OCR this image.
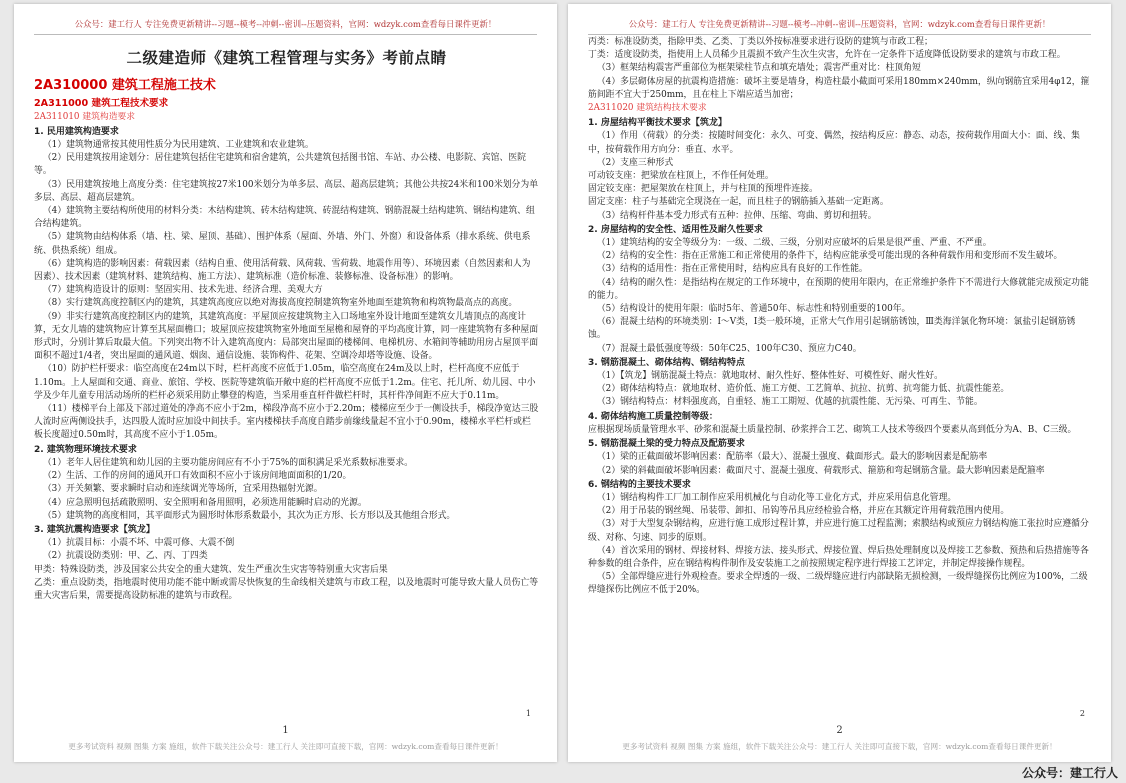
公众号：建工行人 专注免费更新精讲--习题--模考--冲刺--密训--压题资料，官网：wdzyk.com查看每日课件更新！
二级建造师《建筑工程管理与实务》考前点睛
2A310000 建筑工程施工技术
2A311000 建筑工程技术要求
2A311010 建筑构造要求
1. 民用建筑构造要求

（1）建筑物通常按其使用性质分为民用建筑、工业建筑和农业建筑。

（2）民用建筑按用途划分：居住建筑包括住宅建筑和宿舍建筑，公共建筑包括图书馆、车站、办公楼、电影院、宾馆、医院等。

（3）民用建筑按地上高度分类：住宅建筑按27米100米划分为单多层、高层、超高层建筑；其他公共按24米和100米划分为单多层、高层、超高层建筑。

（4）建筑物主要结构所使用的材料分类：木结构建筑、砖木结构建筑、砖混结构建筑、钢筋混凝土结构建筑、钢结构建筑、组合结构建筑。

（5）建筑物由结构体系（墙、柱、梁、屋顶、基础）、围护体系（屋面、外墙、外门、外窗）和设备体系（排水系统、供电系统、供热系统）组成。

（6）建筑构造的影响因素：荷载因素（结构自重、使用活荷载、风荷载、雪荷载、地震作用等）、环境因素（自然因素和人为因素）、技术因素（建筑材料、建筑结构、施工方法）、建筑标准（造价标准、装修标准、设备标准）的影响。

（7）建筑构造设计的原则：坚固实用、技术先进、经济合理、美观大方

（8）实行建筑高度控制区内的建筑，其建筑高度应以绝对海拔高度控制建筑物室外地面至建筑物和构筑物最高点的高度。

（9）非实行建筑高度控制区内的建筑，其建筑高度：平屋顶应按建筑物主入口场地室外设计地面至建筑女儿墙顶点的高度计算，无女儿墙的建筑物应计算至其屋面檐口；坡屋顶应按建筑物室外地面至屋檐和屋脊的平均高度计算，同一座建筑物有多种屋面形式时，分别计算后取最大值。下列突出物不计入建筑高度内：局部突出屋面的楼梯间、电梯机房、水箱间等辅助用房占屋顶平面面积不超过1/4者，突出屋面的通风道、烟囱、通信设施、装饰构件、花架、空调冷却塔等设施、设备。

（10）防护栏杆要求：临空高度在24m以下时，栏杆高度不应低于1.05m，临空高度在24m及以上时，栏杆高度不应低于1.10m。上人屋面和交通、商业、旅馆、学校、医院等建筑临开敞中庭的栏杆高度不应低于1.2m。住宅、托儿所、幼儿园、中小学及少年儿童专用活动场所的栏杆必须采用防止攀登的构造，当采用垂直杆件做栏杆时，其杆件净间距不应大于0.11m。

（11）楼梯平台上部及下部过道处的净高不应小于2m，梯段净高不应小于2.20m；楼梯应至少于一侧设扶手，梯段净宽达三股人流时应两侧设扶手，达四股人流时应加设中间扶手。室内楼梯扶手高度自踏步前缘线量起不宜小于0.90m，楼梯水平栏杆或栏板长度超过0.50m时，其高度不应小于1.05m。

2. 建筑物理环境技术要求

（1）老年人居住建筑和幼儿园的主要功能房间应有不小于75%的面积满足采光系数标准要求。

（2）生活、工作的房间的通风开口有效面积不应小于该房间地面面积的1/20。

（3）开关频繁、要求瞬时启动和连续调光等场所，宜采用热辐射光源。

（4）应急照明包括疏散照明、安全照明和备用照明，必须选用能瞬时启动的光源。

（5）建筑物的高度相同，其平面形式为圆形时体形系数最小，其次为正方形、长方形以及其他组合形式。

3. 建筑抗震构造要求【筑龙】

（1）抗震目标：小震不坏、中震可修、大震不倒

（2）抗震设防类别：甲、乙、丙、丁四类

甲类：特殊设防类，涉及国家公共安全的重大建筑、发生严重次生灾害等特别重大灾害后果

乙类：重点设防类，指地震时使用功能不能中断或需尽快恢复的生命线相关建筑与市政工程，以及地震时可能导致大量人员伤亡等重大灾害后果，需要提高设防标准的建筑与市政程。

1
1
更多考试资料 视频 图集 方案 施组，软件下载关注公众号：建工行人 关注即可直接下载，官网：wdzyk.com查看每日课件更新！
公众号：建工行人 专注免费更新精讲--习题--模考--冲刺--密训--压题资料，官网：wdzyk.com查看每日课件更新！

丙类：标准设防类，指除甲类、乙类、丁类以外按标准要求进行设防的建筑与市政工程；

丁类：适度设防类，指使用上人员稀少且震损不致产生次生灾害，允许在一定条件下适度降低设防要求的建筑与市政工程。

（3）框架结构震害严重部位为框架梁柱节点和填充墙处；震害严重对比：柱顶角短

（4）多层砌体房屋的抗震构造措施：破坏主要是墙身，构造柱最小截面可采用180mm×240mm，纵向钢筋宜采用4φ12，箍筋间距不宜大于250mm，且在柱上下端应适当加密；

2A311020 建筑结构技术要求
1. 房屋结构平衡技术要求【筑龙】

（1）作用（荷载）的分类：按随时间变化：永久、可变、偶然，按结构反应：静态、动态，按荷载作用面大小：面、线、集中，按荷载作用方向分：垂直、水平。

（2）支座三种形式

可动铰支座：把梁放在柱顶上，不作任何处理。

固定铰支座：把屋架放在柱顶上，并与柱顶的预埋件连接。

固定支座：柱子与基础完全现浇在一起，而且柱子的钢筋插入基础一定距离。

（3）结构杆件基本受力形式有五种：拉伸、压缩、弯曲、剪切和扭转。

2. 房屋结构的安全性、适用性及耐久性要求

（1）建筑结构的安全等级分为：一级、二级、三级，分别对应破坏的后果是很严重、严重、不严重。

（2）结构的安全性：指在正常施工和正常使用的条件下，结构应能承受可能出现的各种荷载作用和变形而不发生破坏。

（3）结构的适用性：指在正常使用时，结构应具有良好的工作性能。

（4）结构的耐久性：是指结构在规定的工作环境中，在预期的使用年限内，在正常维护条件下不需进行大修就能完成预定功能的能力。

（5）结构设计的使用年限：临时5年、普通50年、标志性和特别重要的100年。

（6）混凝土结构的环境类别：Ⅰ～Ⅴ类，Ⅰ类一般环境，正常大气作用引起钢筋锈蚀，Ⅲ类海洋氯化物环境：氯盐引起钢筋锈蚀。

（7）混凝土最低强度等级：50年C25、100年C30、预应力C40。

3. 钢筋混凝土、砌体结构、钢结构特点

（1）【筑龙】钢筋混凝土特点：就地取材、耐久性好、整体性好、可模性好、耐火性好。

（2）砌体结构特点：就地取材、造价低、施工方便、工艺简单、抗拉、抗剪、抗弯能力低、抗震性能差。

（3）钢结构特点：材料强度高，自重轻、施工工期短、优越的抗震性能、无污染、可再生、节能。

4. 砌体结构施工质量控制等级：

应根据现场质量管理水平、砂浆和混凝土质量控制、砂浆拌合工艺、砌筑工人技术等级四个要素从高到低分为A、B、C三级。

5. 钢筋混凝土梁的受力特点及配筋要求

（1）梁的正截面破坏影响因素：配筋率（最大）、混凝土强度、截面形式。最大的影响因素是配筋率

（2）梁的斜截面破坏影响因素：截面尺寸、混凝土强度、荷载形式、箍筋和弯起钢筋含量。最大影响因素是配箍率

6. 钢结构的主要技术要求

（1）钢结构构件工厂加工制作应采用机械化与自动化等工业化方式，并应采用信息化管理。

（2）用于吊装的钢丝绳、吊装带、卸扣、吊钩等吊具应经检验合格，并应在其额定许用荷载范围内使用。

（3）对于大型复杂钢结构，应进行施工成形过程计算，并应进行施工过程监测；索膜结构或预应力钢结构施工张拉时应遵循分级、对称、匀速、同步的原则。

（4）首次采用的钢材、焊接材料、焊接方法、接头形式、焊接位置、焊后热处理制度以及焊接工艺参数、预热和后热措施等各种参数的组合条件，应在钢结构构件制作及安装施工之前按照规定程序进行焊接工艺评定，并制定焊接操作规程。

（5）全部焊缝应进行外观检查。要求全焊透的一级、二级焊缝应进行内部缺陷无损检测，一级焊缝探伤比例应为100%，二级焊缝探伤比例应不低于20%。

2
2
更多考试资料 视频 图集 方案 施组，软件下载关注公众号：建工行人 关注即可直接下载，官网：wdzyk.com查看每日课件更新！
公众号：建工行人
